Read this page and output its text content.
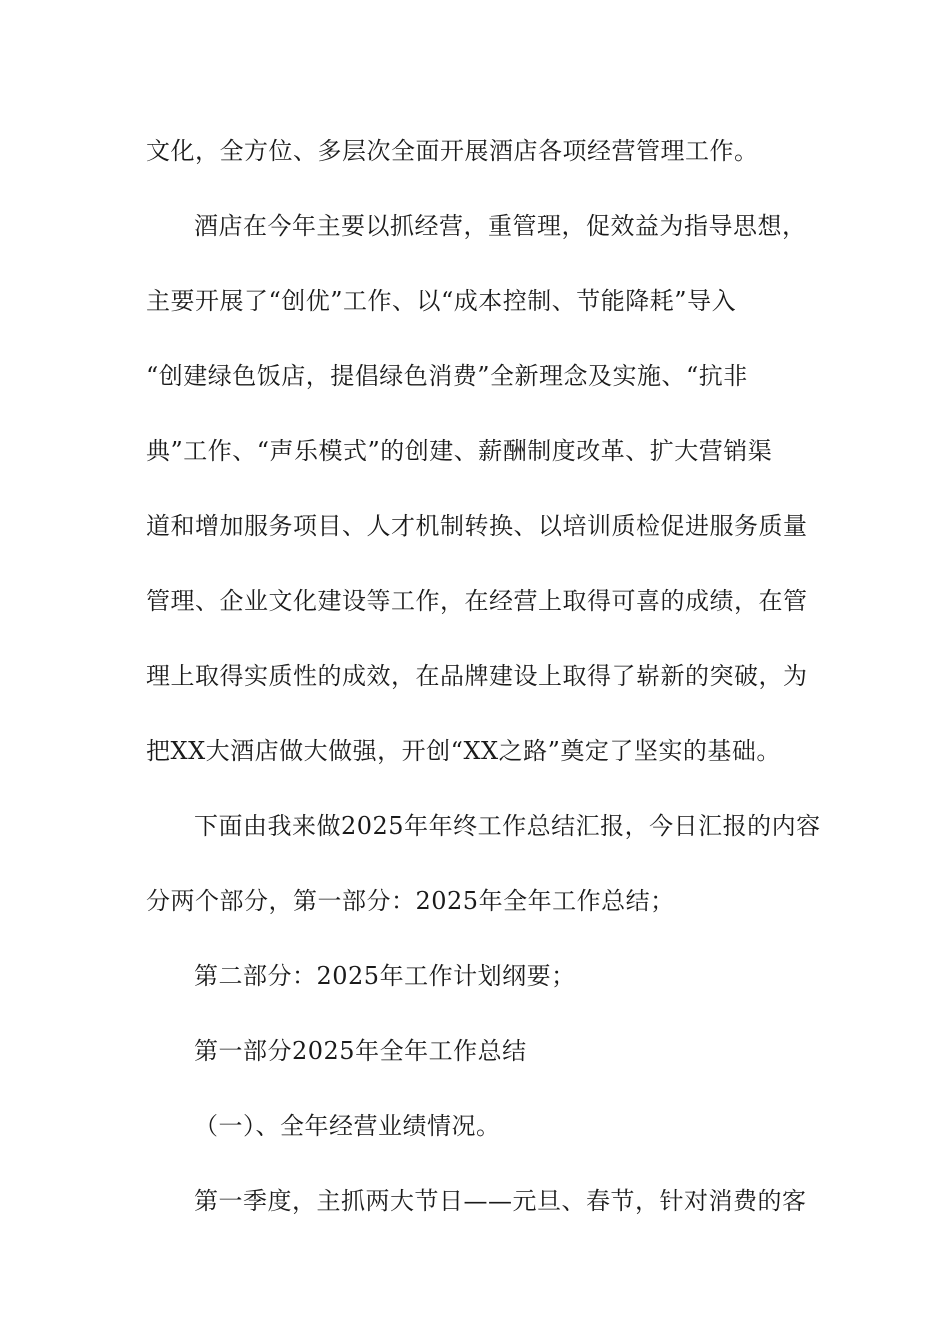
文化，全方位、多层次全面开展酒店各项经营管理工作。
酒店在今年主要以抓经营，重管理，促效益为指导思想，
主要开展了“创优”工作、以“成本控制、节能降耗”导入
“创建绿色饭店，提倡绿色消费”全新理念及实施、“抗非
典”工作、“声乐模式”的创建、薪酬制度改革、扩大营销渠
道和增加服务项目、人才机制转换、以培训质检促进服务质量
管理、企业文化建设等工作，在经营上取得可喜的成绩，在管
理上取得实质性的成效，在品牌建设上取得了崭新的突破，为
把XX大酒店做大做强，开创“XX之路”奠定了坚实的基础。
下面由我来做2025年年终工作总结汇报，今日汇报的内容
分两个部分，第一部分：2025年全年工作总结；
第二部分：2025年工作计划纲要；
第一部分2025年全年工作总结
（一）、全年经营业绩情况。
第一季度，主抓两大节日——元旦、春节，针对消费的客
